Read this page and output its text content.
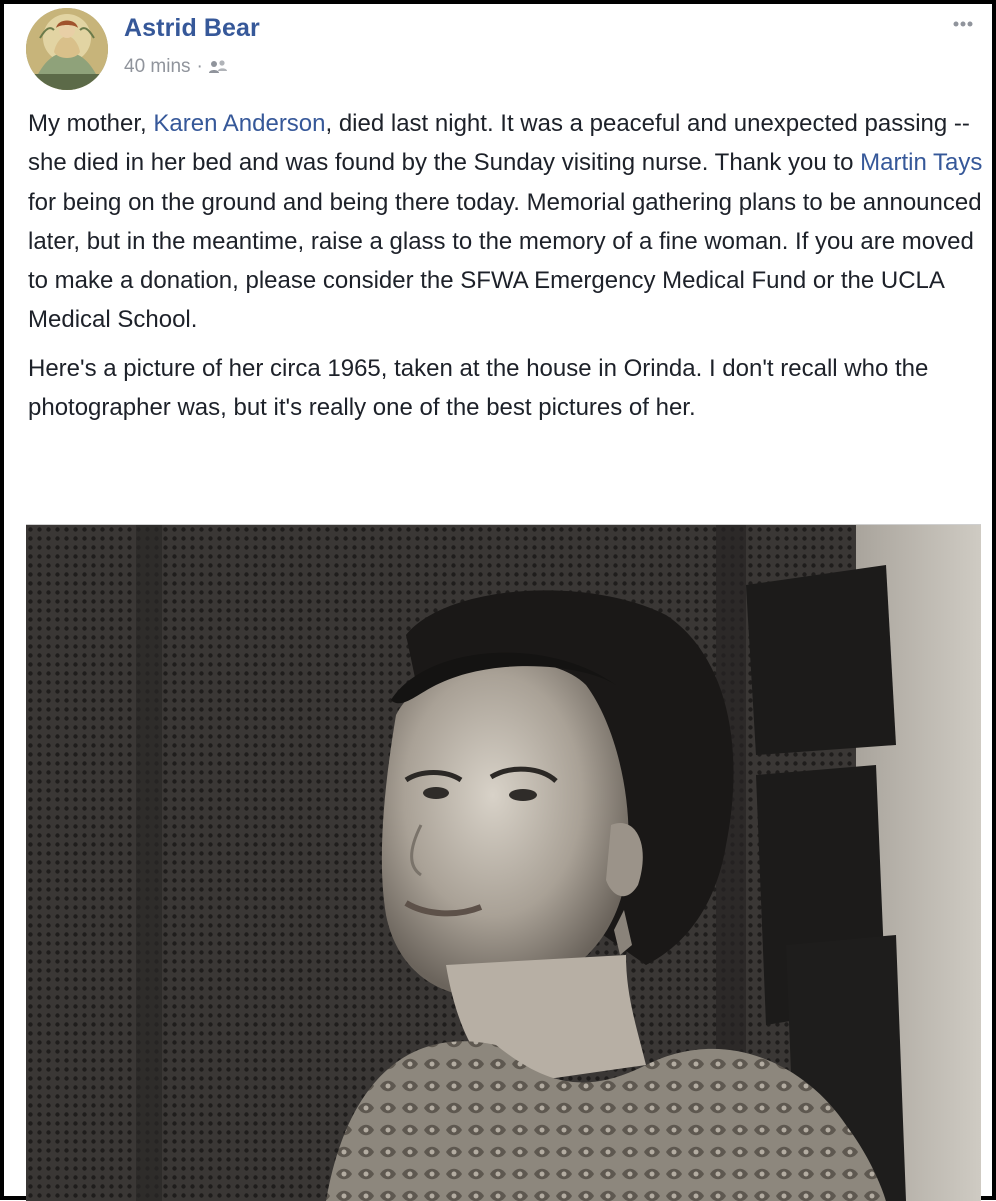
Astrid Bear
40 mins ·

My mother, Karen Anderson, died last night. It was a peaceful and unexpected passing -- she died in her bed and was found by the Sunday visiting nurse. Thank you to Martin Tays for being on the ground and being there today. Memorial gathering plans to be announced later, but in the meantime, raise a glass to the memory of a fine woman. If you are moved to make a donation, please consider the SFWA Emergency Medical Fund or the UCLA Medical School.

Here's a picture of her circa 1965, taken at the house in Orinda. I don't recall who the photographer was, but it's really one of the best pictures of her.
